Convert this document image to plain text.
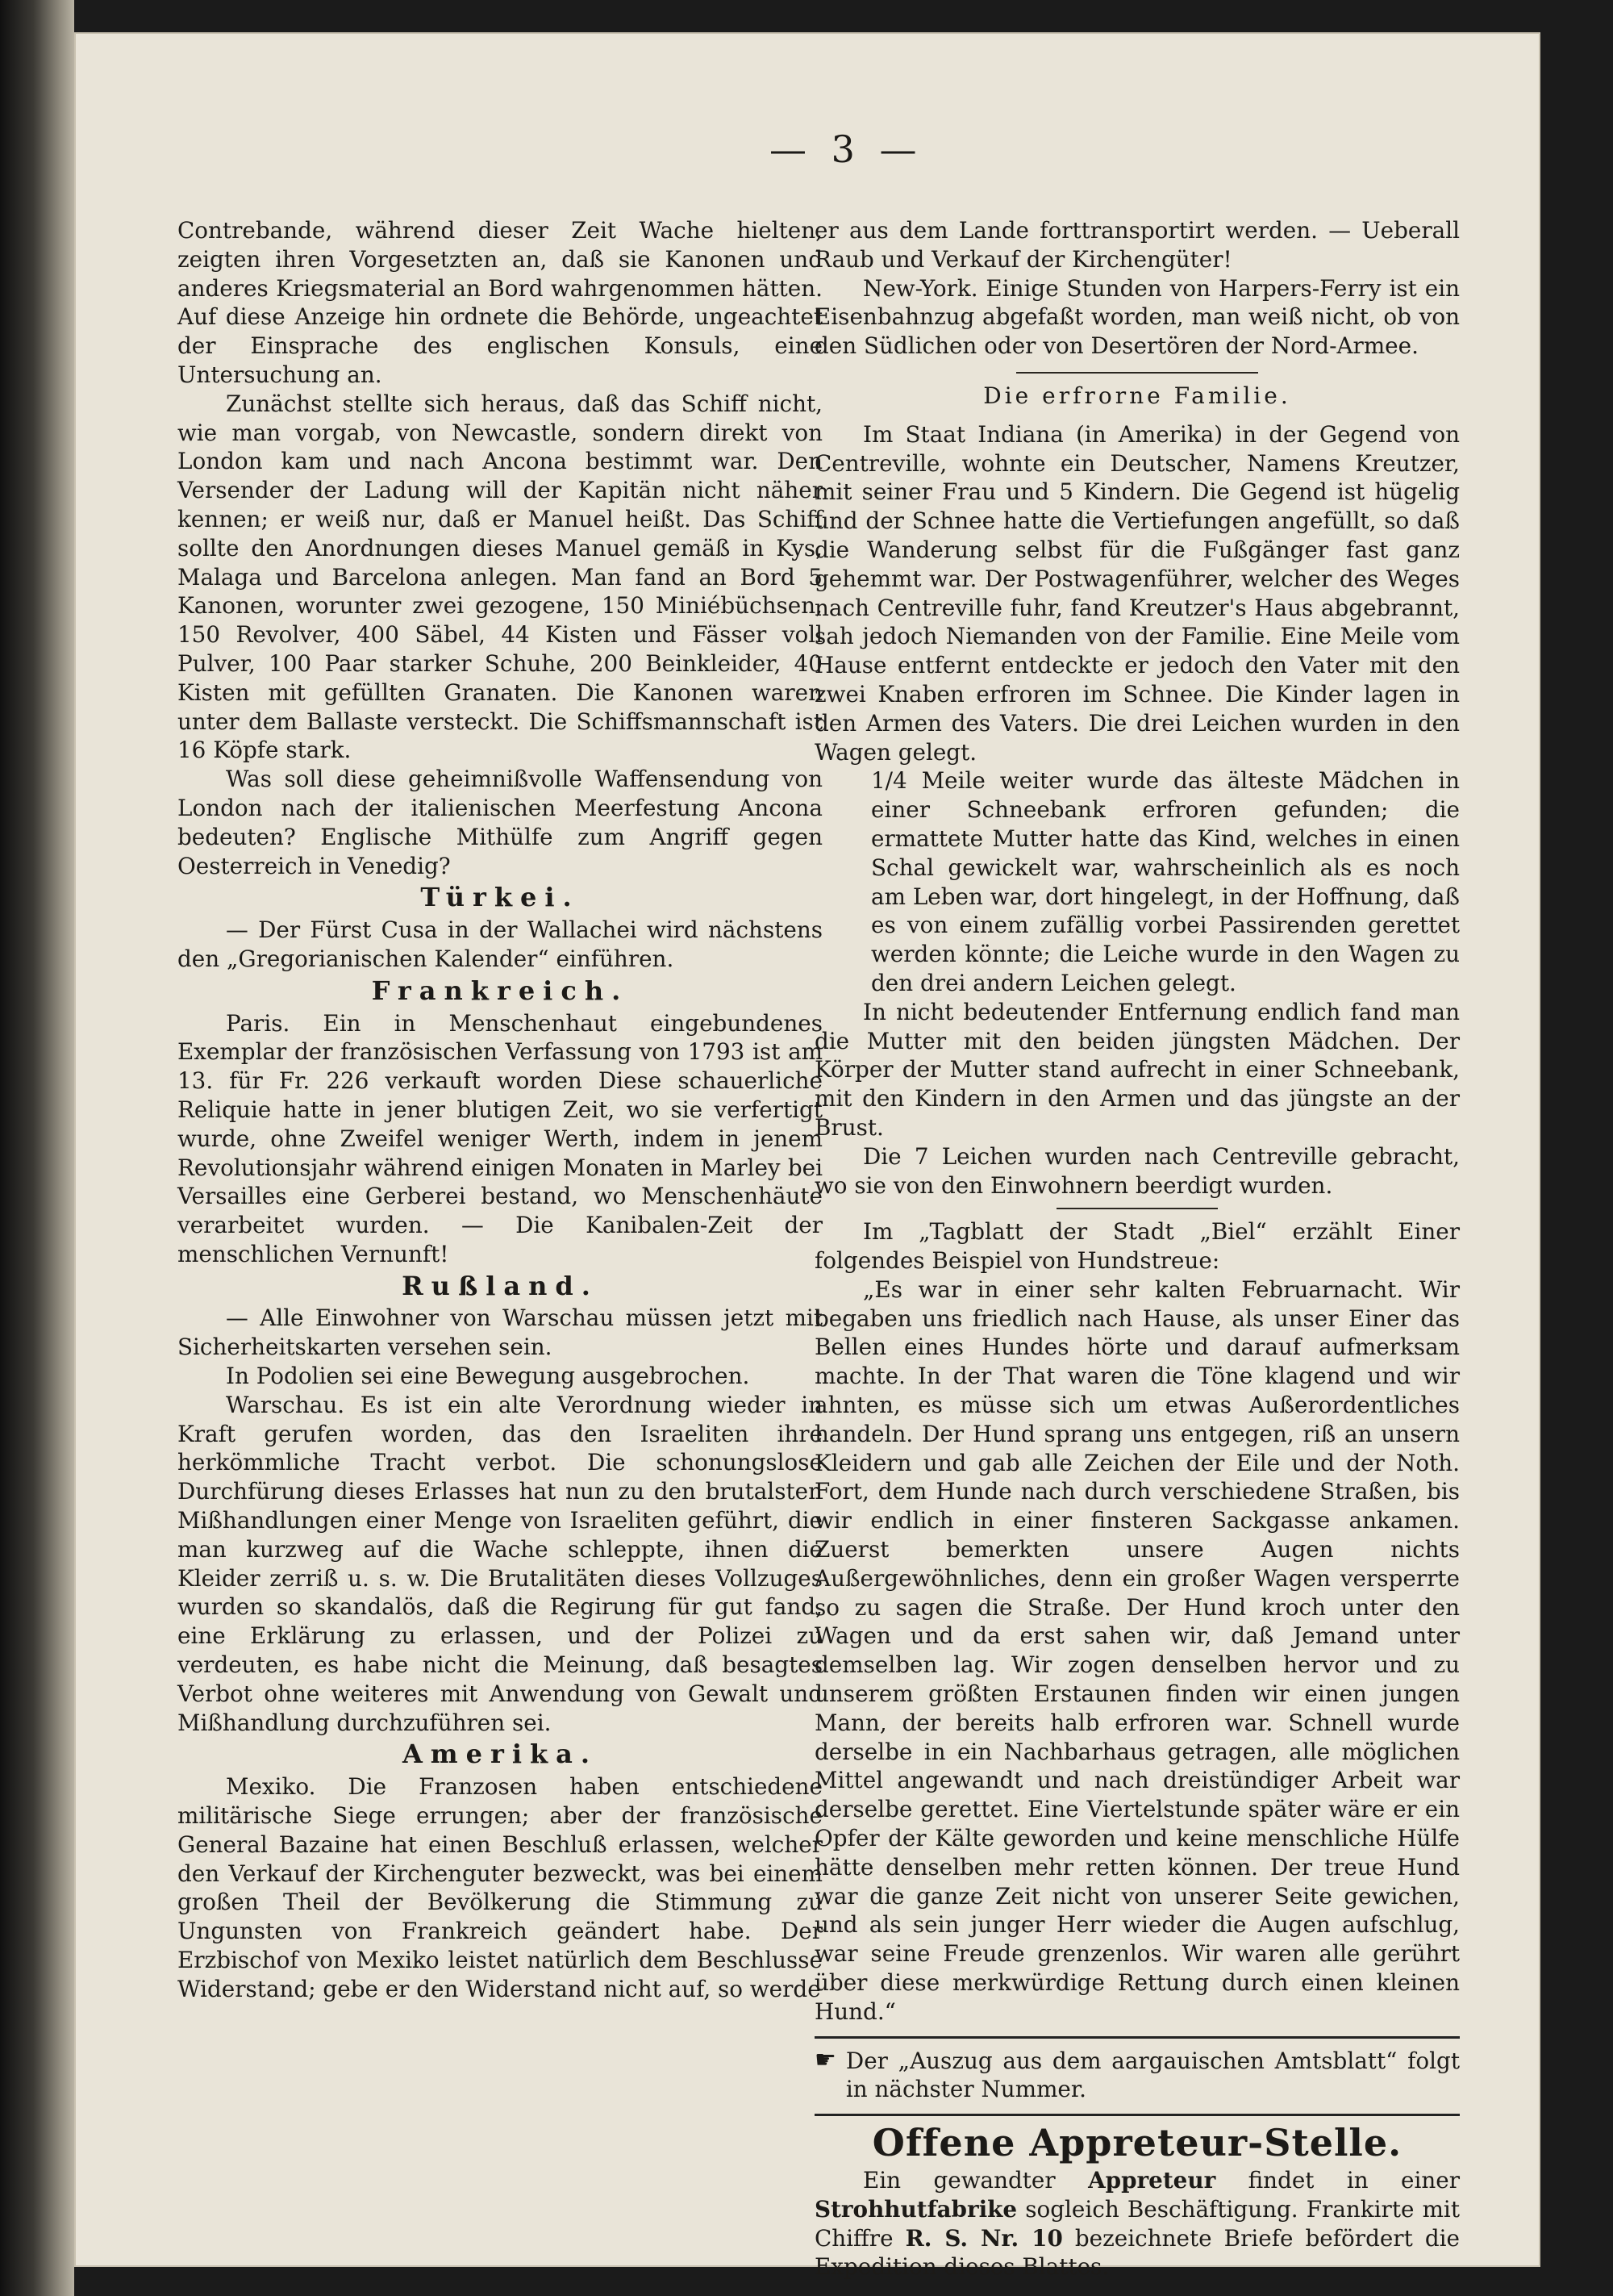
— 3 —

Contrebande, während dieser Zeit Wache hielten, zeigten ihren Vorgesetzten an, daß sie Kanonen und anderes Kriegsmaterial an Bord wahrgenommen hätten. Auf diese Anzeige hin ordnete die Behörde, ungeachtet der Einsprache des englischen Konsuls, eine Untersuchung an.

Zunächst stellte sich heraus, daß das Schiff nicht, wie man vorgab, von Newcastle, sondern direkt von London kam und nach Ancona bestimmt war. Den Versender der Ladung will der Kapitän nicht näher kennen; er weiß nur, daß er Manuel heißt. Das Schiff sollte den Anordnungen dieses Manuel gemäß in Kys, Malaga und Barcelona anlegen. Man fand an Bord 5 Kanonen, worunter zwei gezogene, 150 Miniébüchsen, 150 Revolver, 400 Säbel, 44 Kisten und Fässer voll Pulver, 100 Paar starker Schuhe, 200 Beinkleider, 40 Kisten mit gefüllten Granaten. Die Kanonen waren unter dem Ballaste versteckt. Die Schiffsmannschaft ist 16 Köpfe stark.

Was soll diese geheimnißvolle Waffensendung von London nach der italienischen Meerfestung Ancona bedeuten? Englische Mithülfe zum Angriff gegen Oesterreich in Venedig?

Türkei.

— Der Fürst Cusa in der Wallachei wird nächstens den „Gregorianischen Kalender“ einführen.

Frankreich.

Paris. Ein in Menschenhaut eingebundenes Exemplar der französischen Verfassung von 1793 ist am 13. für Fr. 226 verkauft worden Diese schauerliche Reliquie hatte in jener blutigen Zeit, wo sie verfertigt wurde, ohne Zweifel weniger Werth, indem in jenem Revolutionsjahr während einigen Monaten in Marley bei Versailles eine Gerberei bestand, wo Menschenhäute verarbeitet wurden. — Die Kanibalen-Zeit der menschlichen Vernunft!

Rußland.

— Alle Einwohner von Warschau müssen jetzt mit Sicherheitskarten versehen sein.

In Podolien sei eine Bewegung ausgebrochen.

Warschau. Es ist ein alte Verordnung wieder in Kraft gerufen worden, das den Israeliten ihre herkömmliche Tracht verbot. Die schonungslose Durchfürung dieses Erlasses hat nun zu den brutalsten Mißhandlungen einer Menge von Israeliten geführt, die man kurzweg auf die Wache schleppte, ihnen die Kleider zerriß u. s. w. Die Brutalitäten dieses Vollzuges wurden so skandalös, daß die Regirung für gut fand, eine Erklärung zu erlassen, und der Polizei zu verdeuten, es habe nicht die Meinung, daß besagtes Verbot ohne weiteres mit Anwendung von Gewalt und Mißhandlung durchzuführen sei.

Amerika.

Mexiko. Die Franzosen haben entschiedene militärische Siege errungen; aber der französische General Bazaine hat einen Beschluß erlassen, welcher den Verkauf der Kirchenguter bezweckt, was bei einem großen Theil der Bevölkerung die Stimmung zu Ungunsten von Frankreich geändert habe. Der Erzbischof von Mexiko leistet natürlich dem Beschlusse Widerstand; gebe er den Widerstand nicht auf, so werde

er aus dem Lande forttransportirt werden. — Ueberall Raub und Verkauf der Kirchengüter!

New-York. Einige Stunden von Harpers-Ferry ist ein Eisenbahnzug abgefaßt worden, man weiß nicht, ob von den Südlichen oder von Desertören der Nord-Armee.

Die erfrorne Familie.

Im Staat Indiana (in Amerika) in der Gegend von Centreville, wohnte ein Deutscher, Namens Kreutzer, mit seiner Frau und 5 Kindern. Die Gegend ist hügelig und der Schnee hatte die Vertiefungen angefüllt, so daß die Wanderung selbst für die Fußgänger fast ganz gehemmt war. Der Postwagenführer, welcher des Weges nach Centreville fuhr, fand Kreutzer's Haus abgebrannt, sah jedoch Niemanden von der Familie. Eine Meile vom Hause entfernt entdeckte er jedoch den Vater mit den zwei Knaben erfroren im Schnee. Die Kinder lagen in den Armen des Vaters. Die drei Leichen wurden in den Wagen gelegt.

1/4 Meile weiter wurde das älteste Mädchen in einer Schneebank erfroren gefunden; die ermattete Mutter hatte das Kind, welches in einen Schal gewickelt war, wahrscheinlich als es noch am Leben war, dort hingelegt, in der Hoffnung, daß es von einem zufällig vorbei Passirenden gerettet werden könnte; die Leiche wurde in den Wagen zu den drei andern Leichen gelegt.

In nicht bedeutender Entfernung endlich fand man die Mutter mit den beiden jüngsten Mädchen. Der Körper der Mutter stand aufrecht in einer Schneebank, mit den Kindern in den Armen und das jüngste an der Brust.

Die 7 Leichen wurden nach Centreville gebracht, wo sie von den Einwohnern beerdigt wurden.

Im „Tagblatt der Stadt „Biel“ erzählt Einer folgendes Beispiel von Hundstreue:

„Es war in einer sehr kalten Februarnacht. Wir begaben uns friedlich nach Hause, als unser Einer das Bellen eines Hundes hörte und darauf aufmerksam machte. In der That waren die Töne klagend und wir ahnten, es müsse sich um etwas Außerordentliches handeln. Der Hund sprang uns entgegen, riß an unsern Kleidern und gab alle Zeichen der Eile und der Noth. Fort, dem Hunde nach durch verschiedene Straßen, bis wir endlich in einer finsteren Sackgasse ankamen. Zuerst bemerkten unsere Augen nichts Außergewöhnliches, denn ein großer Wagen versperrte so zu sagen die Straße. Der Hund kroch unter den Wagen und da erst sahen wir, daß Jemand unter demselben lag. Wir zogen denselben hervor und zu unserem größten Erstaunen finden wir einen jungen Mann, der bereits halb erfroren war. Schnell wurde derselbe in ein Nachbarhaus getragen, alle möglichen Mittel angewandt und nach dreistündiger Arbeit war derselbe gerettet. Eine Viertelstunde später wäre er ein Opfer der Kälte geworden und keine menschliche Hülfe hätte denselben mehr retten können. Der treue Hund war die ganze Zeit nicht von unserer Seite gewichen, und als sein junger Herr wieder die Augen aufschlug, war seine Freude grenzenlos. Wir waren alle gerührt über diese merkwürdige Rettung durch einen kleinen Hund.“

☛ Der „Auszug aus dem aargauischen Amtsblatt“ folgt in nächster Nummer.
Offene Appreteur-Stelle.

Ein gewandter Appreteur findet in einer Strohhutfabrike sogleich Beschäftigung. Frankirte mit Chiffre R. S. Nr. 10 bezeichnete Briefe befördert die Expedition dieses Blattes.
